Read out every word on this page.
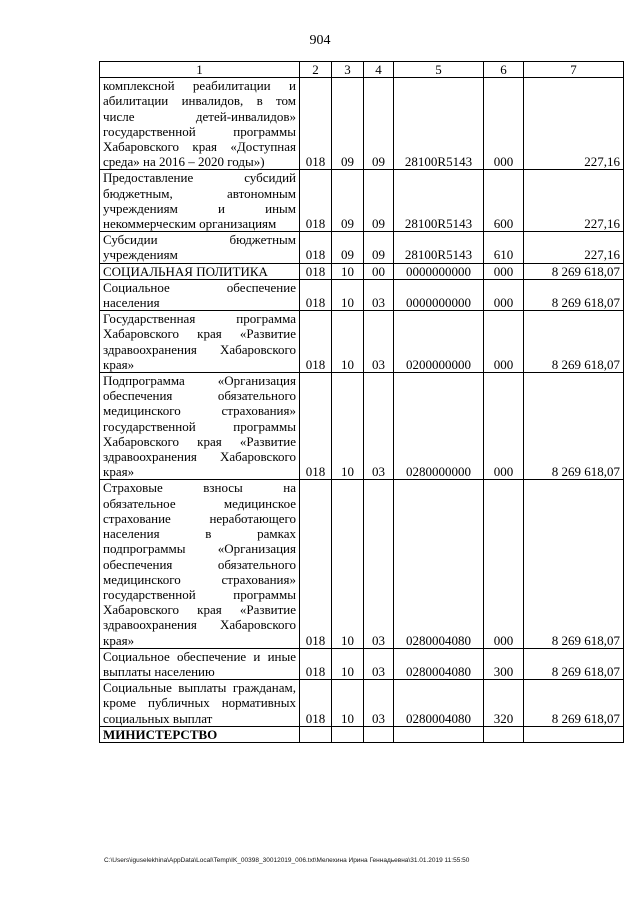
904
1	2	3	4	5	6	7
комплексной реабилитации и абилитации инвалидов, в том числе детей-инвалидов» государственной программы Хабаровского края «Доступная среда» на 2016 – 2020 годы»)	018	09	09	28100R5143	000	227,16
Предоставление субсидий бюджетным, автономным учреждениям и иным некоммерческим организациям	018	09	09	28100R5143	600	227,16
Субсидии бюджетным учреждениям	018	09	09	28100R5143	610	227,16
СОЦИАЛЬНАЯ ПОЛИТИКА	018	10	00	0000000000	000	8 269 618,07
Социальное обеспечение населения	018	10	03	0000000000	000	8 269 618,07
Государственная программа Хабаровского края «Развитие здравоохранения Хабаровского края»	018	10	03	0200000000	000	8 269 618,07
Подпрограмма «Организация обеспечения обязательного медицинского страхования» государственной программы Хабаровского края «Развитие здравоохранения Хабаровского края»	018	10	03	0280000000	000	8 269 618,07
Страховые взносы на обязательное медицинское страхование неработающего населения в рамках подпрограммы «Организация обеспечения обязательного медицинского страхования» государственной программы Хабаровского края «Развитие здравоохранения Хабаровского края»	018	10	03	0280004080	000	8 269 618,07
Социальное обеспечение и иные выплаты населению	018	10	03	0280004080	300	8 269 618,07
Социальные выплаты гражданам, кроме публичных нормативных социальных выплат	018	10	03	0280004080	320	8 269 618,07
МИНИСТЕРСТВО						
C:\Users\iguselekhina\AppData\Local\Temp\IK_00398_30012019_006.txt\Мелехина Ирина Геннадьевна\31.01.2019 11:55:50
